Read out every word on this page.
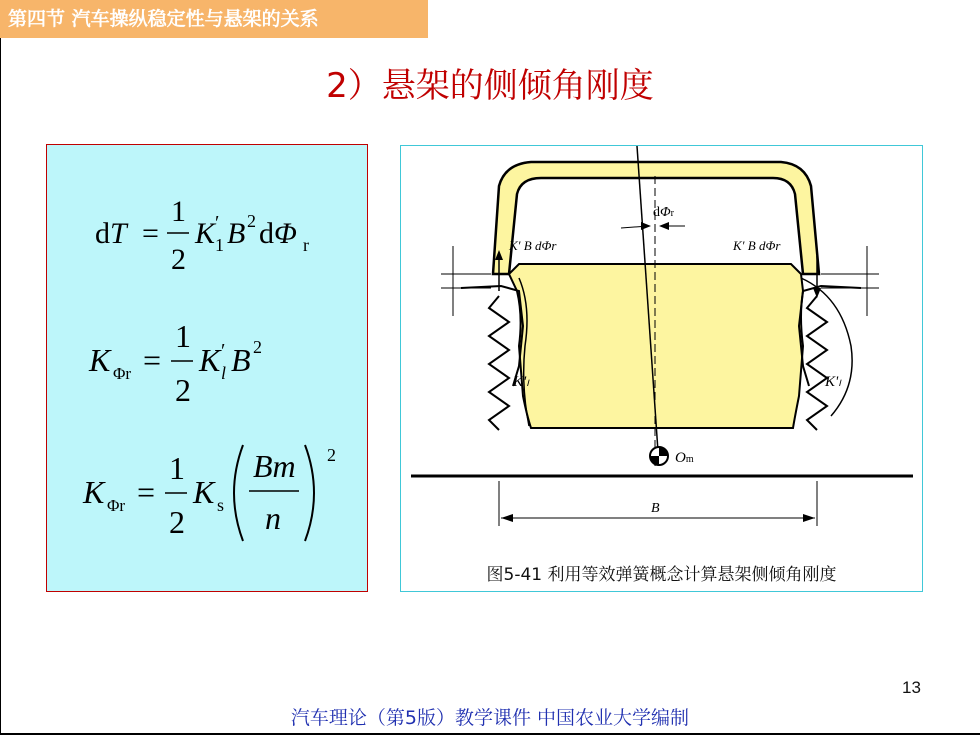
第四节 汽车操纵稳定性与悬架的关系
2）悬架的侧倾角刚度
dT =
1
2
K ′
1 B 2 dΦ r
K Φr =
1
2
K ′
l B 2
K Φr =
1
2
K s
Bm
n
2
dΦr
K′ B dΦr	K′ B dΦr
K'ₗ	K'ₗ
Om
B
图5-41 利用等效弹簧概念计算悬架侧倾角刚度
13
汽车理论（第5版）教学课件 中国农业大学编制
